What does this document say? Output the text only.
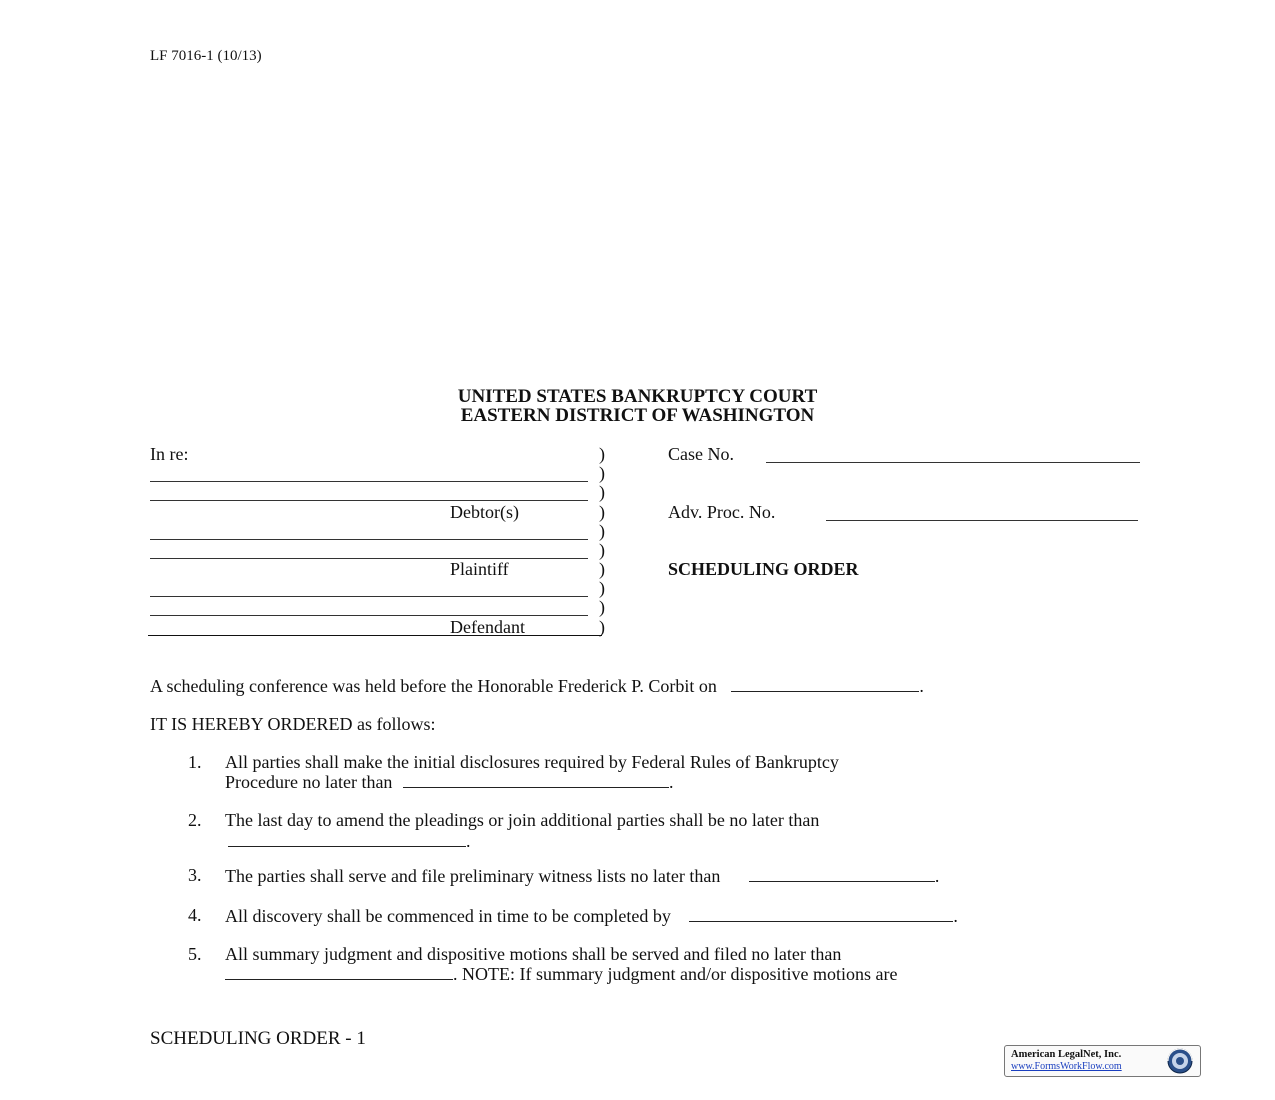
LF 7016-1 (10/13)
UNITED STATES BANKRUPTCY COURT
EASTERN DISTRICT OF WASHINGTON
In re:
Debtor(s)
Plaintiff
Defendant
)
)
)
)
)
)
)
)
)
)
Case No.
Adv. Proc. No.
SCHEDULING ORDER
A scheduling conference was held before the Honorable Frederick P. Corbit on	.
IT IS HEREBY ORDERED as follows:
1. All parties shall make the initial disclosures required by Federal Rules of Bankruptcy
Procedure no later than	.
2. The last day to amend the pleadings or join additional parties shall be no later than
.
3. The parties shall serve and file preliminary witness lists no later than	.
4. All discovery shall be commenced in time to be completed by	.
5. All summary judgment and dispositive motions shall be served and filed no later than
. NOTE: If summary judgment and/or dispositive motions are
SCHEDULING ORDER - 1
American LegalNet, Inc.
www.FormsWorkFlow.com
